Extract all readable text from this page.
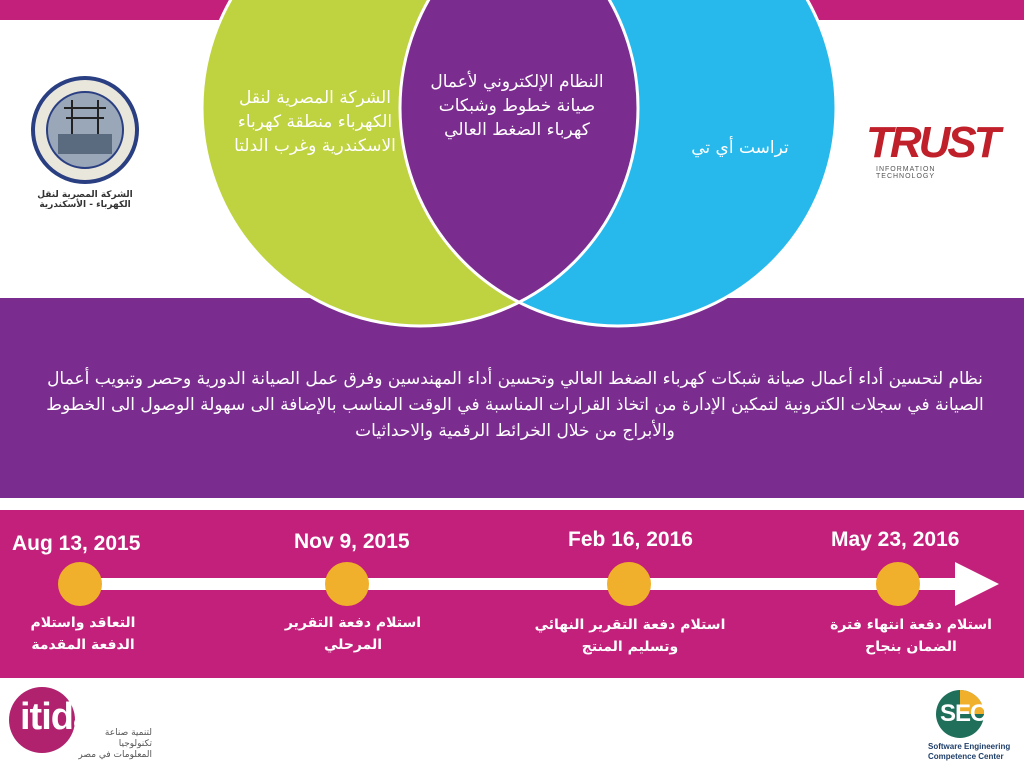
الشركة المصرية لنقل الكهرباء منطقة كهرباء الاسكندرية وغرب الدلتا
النظام الإلكتروني لأعمال صيانة خطوط وشبكات كهرباء الضغط العالي
تراست أي تي
الشركة المصرية لنقل الكهرباء - الأسكندرية
TRUST
INFORMATION TECHNOLOGY
نظام لتحسين أداء أعمال صيانة شبكات كهرباء الضغط العالي وتحسين أداء المهندسين وفرق عمل الصيانة الدورية وحصر وتبويب أعمال الصيانة في سجلات الكترونية لتمكين الإدارة من اتخاذ القرارات المناسبة في الوقت المناسب بالإضافة الى سهولة الوصول الى الخطوط والأبراج من خلال الخرائط الرقمية والاحداثيات
Aug 13, 2015	Nov 9, 2015	Feb 16, 2016	May 23, 2016
التعاقد واستلام الدفعة المقدمة
استلام دفعة التقرير المرحلي
استلام دفعة التقرير النهائي وتسليم المنتج
استلام دفعة انتهاء فترة الضمان بنجاح
itida	لتنمية صناعة تكنولوجيا
المعلومات في مصر
SECC
Software Engineering
Competence Center
